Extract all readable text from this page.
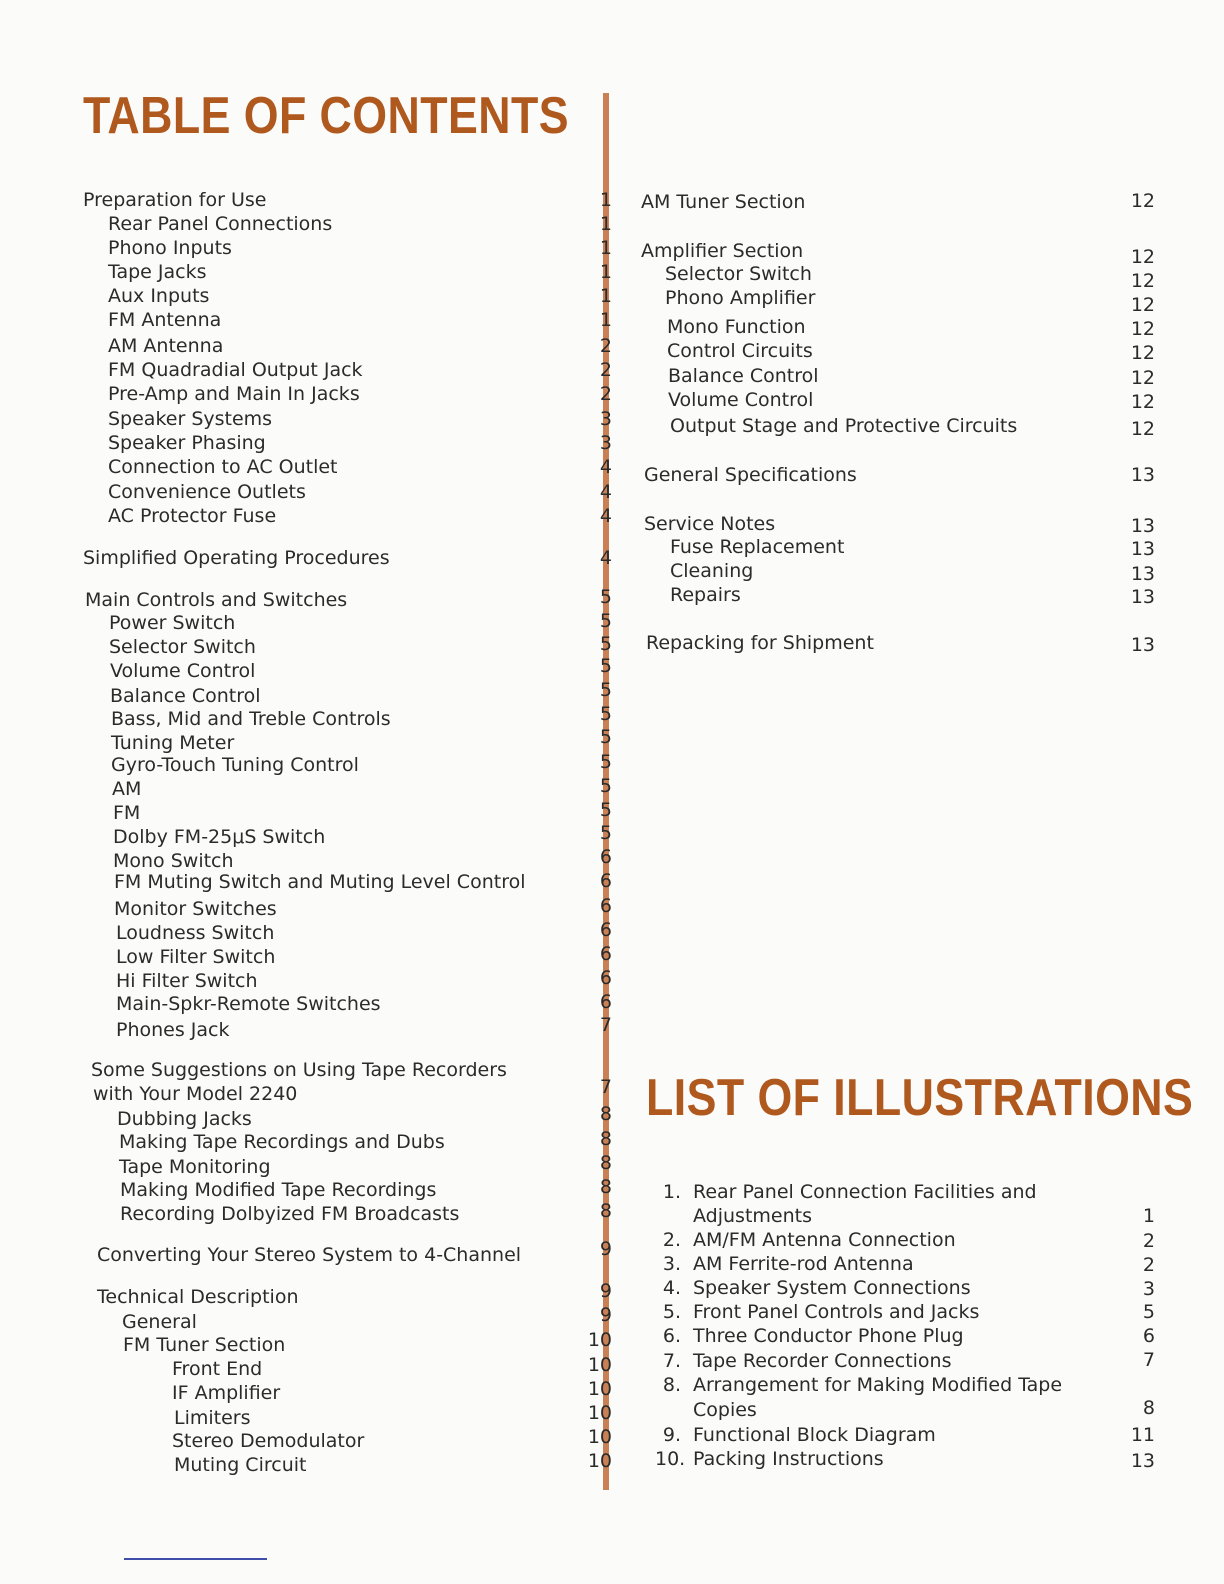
TABLE OF CONTENTS
LIST OF ILLUSTRATIONS
Preparation for Use	1
Rear Panel Connections	1
Phono Inputs	1
Tape Jacks	1
Aux Inputs	1
FM Antenna	1
AM Antenna	2
FM Quadradial Output Jack	2
Pre-Amp and Main In Jacks	2
Speaker Systems	3
Speaker Phasing	3
Connection to AC Outlet	4
Convenience Outlets	4
AC Protector Fuse	4
Simplified Operating Procedures	4
Main Controls and Switches	5
Power Switch	5
Selector Switch	5
Volume Control	5
Balance Control	5
Bass, Mid and Treble Controls	5
Tuning Meter	5
Gyro-Touch Tuning Control	5
AM	5
FM	5
Dolby FM-25μS Switch	5
Mono Switch	6
FM Muting Switch and Muting Level Control	6
Monitor Switches	6
Loudness Switch	6
Low Filter Switch	6
Hi Filter Switch	6
Main-Spkr-Remote Switches	6
Phones Jack	7
Some Suggestions on Using Tape Recorders
with Your Model 2240	7
Dubbing Jacks	8
Making Tape Recordings and Dubs	8
Tape Monitoring	8
Making Modified Tape Recordings	8
Recording Dolbyized FM Broadcasts	8
Converting Your Stereo System to 4-Channel	9
Technical Description	9
General	9
FM Tuner Section	10
Front End	10
IF Amplifier	10
Limiters	10
Stereo Demodulator	10
Muting Circuit	10
AM Tuner Section	12
Amplifier Section	12
Selector Switch	12
Phono Amplifier	12
Mono Function	12
Control Circuits	12
Balance Control	12
Volume Control	12
Output Stage and Protective Circuits	12
General Specifications	13
Service Notes	13
Fuse Replacement	13
Cleaning	13
Repairs	13
Repacking for Shipment	13
1. Rear Panel Connection Facilities and
Adjustments	1
2. AM/FM Antenna Connection	2
3. AM Ferrite-rod Antenna	2
4. Speaker System Connections	3
5. Front Panel Controls and Jacks	5
6. Three Conductor Phone Plug	6
7. Tape Recorder Connections	7
8. Arrangement for Making Modified Tape
Copies	8
9. Functional Block Diagram	11
10. Packing Instructions	13
